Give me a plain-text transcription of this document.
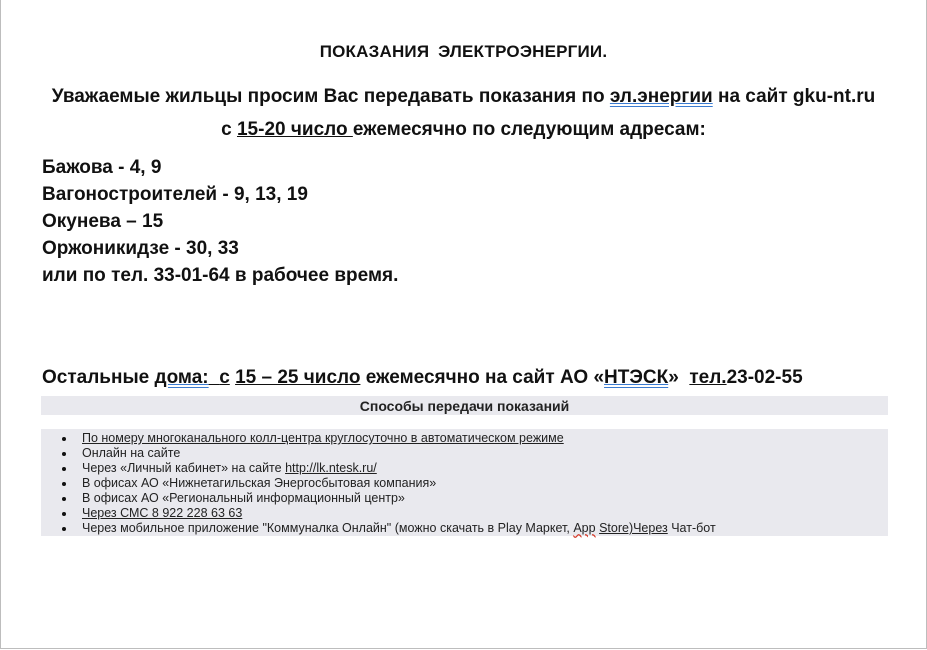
ПОКАЗАНИЯ ЭЛЕКТРОЭНЕРГИИ.
Уважаемые жильцы просим Вас передавать показания по эл.энергии на сайт gku-nt.ru
с 15-20 число ежемесячно по следующим адресам:
Бажова - 4, 9
Вагоностроителей - 9, 13, 19
Окунева – 15
Оржоникидзе - 30, 33
или по тел. 33-01-64 в рабочее время.
Остальные дома: с 15 – 25 число ежемесячно на сайт АО «НТЭСК»  тел.23-02-55
Способы передачи показаний
По номеру многоканального колл-центра круглосуточно в автоматическом режиме
Онлайн на сайте
Через «Личный кабинет» на сайте http://lk.ntesk.ru/
В офисах АО «Нижнетагильская Энергосбытовая компания»
В офисах АО «Региональный информационный центр»
Через СМС 8 922 228 63 63
Через мобильное приложение "Коммуналка Онлайн" (можно скачать в Play Маркет, App Store)Через Чат-бот
